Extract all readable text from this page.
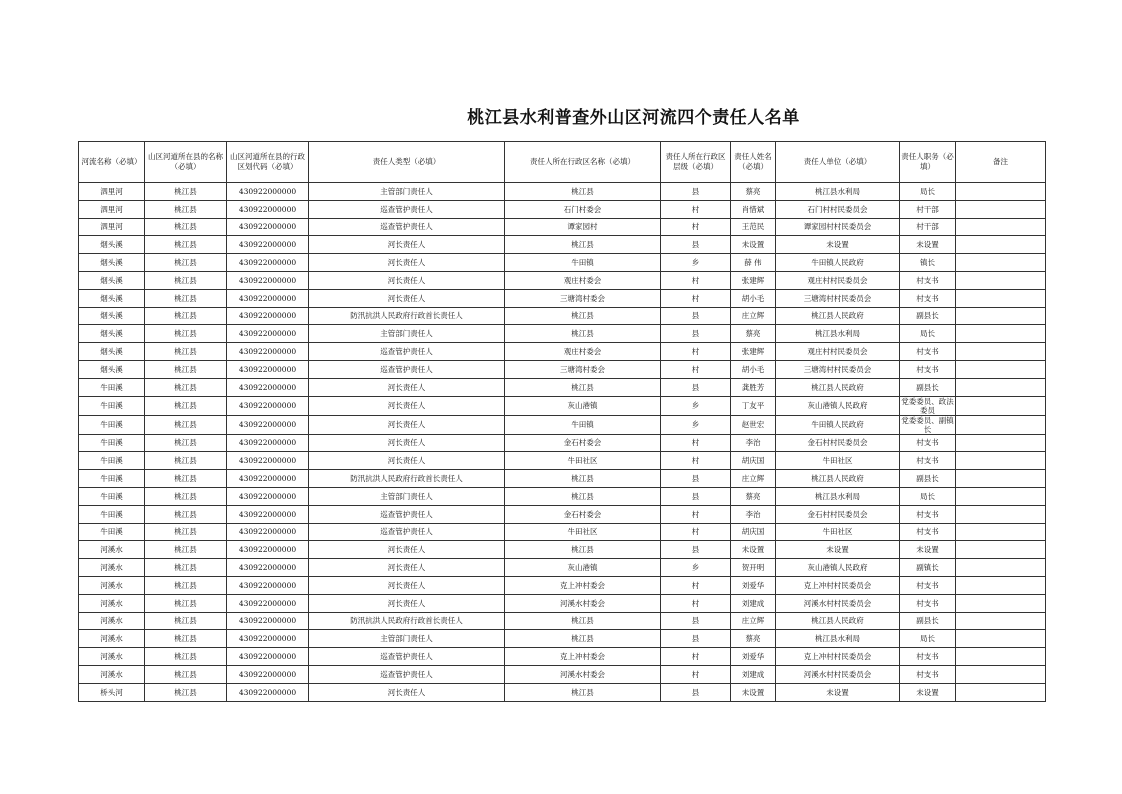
桃江县水利普查外山区河流四个责任人名单
河流名称（必填）	山区河道所在县的名称（必填）	山区河道所在县的行政区划代码（必填）	责任人类型（必填）	责任人所在行政区名称（必填）	责任人所在行政区层级（必填）	责任人姓名（必填）	责任人单位（必填）	责任人职务（必填）	备注
泗里河	桃江县	430922000000	主管部门责任人	桃江县	县	蔡亮	桃江县水利局	局长	
泗里河	桃江县	430922000000	巡查管护责任人	石门村委会	村	肖惜斌	石门村村民委员会	村干部	
泗里河	桃江县	430922000000	巡查管护责任人	谭家园村	村	王范民	谭家园村村民委员会	村干部	
烟头溪	桃江县	430922000000	河长责任人	桃江县	县	未设置	未设置	未设置	
烟头溪	桃江县	430922000000	河长责任人	牛田镇	乡	薛 伟	牛田镇人民政府	镇长	
烟头溪	桃江县	430922000000	河长责任人	观庄村委会	村	张建辉	观庄村村民委员会	村支书	
烟头溪	桃江县	430922000000	河长责任人	三塘湾村委会	村	胡小毛	三塘湾村村民委员会	村支书	
烟头溪	桃江县	430922000000	防汛抗洪人民政府行政首长责任人	桃江县	县	庄立辉	桃江县人民政府	副县长	
烟头溪	桃江县	430922000000	主管部门责任人	桃江县	县	蔡亮	桃江县水利局	局长	
烟头溪	桃江县	430922000000	巡查管护责任人	观庄村委会	村	张建辉	观庄村村民委员会	村支书	
烟头溪	桃江县	430922000000	巡查管护责任人	三塘湾村委会	村	胡小毛	三塘湾村村民委员会	村支书	
牛田溪	桃江县	430922000000	河长责任人	桃江县	县	龚胜芳	桃江县人民政府	副县长	
牛田溪	桃江县	430922000000	河长责任人	灰山港镇	乡	丁友平	灰山港镇人民政府	党委委员、政法委员	
牛田溪	桃江县	430922000000	河长责任人	牛田镇	乡	赵世宏	牛田镇人民政府	党委委员、副镇长	
牛田溪	桃江县	430922000000	河长责任人	金石村委会	村	李治	金石村村民委员会	村支书	
牛田溪	桃江县	430922000000	河长责任人	牛田社区	村	胡庆国	牛田社区	村支书	
牛田溪	桃江县	430922000000	防汛抗洪人民政府行政首长责任人	桃江县	县	庄立辉	桃江县人民政府	副县长	
牛田溪	桃江县	430922000000	主管部门责任人	桃江县	县	蔡亮	桃江县水利局	局长	
牛田溪	桃江县	430922000000	巡查管护责任人	金石村委会	村	李治	金石村村民委员会	村支书	
牛田溪	桃江县	430922000000	巡查管护责任人	牛田社区	村	胡庆国	牛田社区	村支书	
河溪水	桃江县	430922000000	河长责任人	桃江县	县	未设置	未设置	未设置	
河溪水	桃江县	430922000000	河长责任人	灰山港镇	乡	贺开明	灰山港镇人民政府	副镇长	
河溪水	桃江县	430922000000	河长责任人	克上冲村委会	村	刘爱华	克上冲村村民委员会	村支书	
河溪水	桃江县	430922000000	河长责任人	河溪水村委会	村	刘建成	河溪水村村民委员会	村支书	
河溪水	桃江县	430922000000	防汛抗洪人民政府行政首长责任人	桃江县	县	庄立辉	桃江县人民政府	副县长	
河溪水	桃江县	430922000000	主管部门责任人	桃江县	县	蔡亮	桃江县水利局	局长	
河溪水	桃江县	430922000000	巡查管护责任人	克上冲村委会	村	刘爱华	克上冲村村民委员会	村支书	
河溪水	桃江县	430922000000	巡查管护责任人	河溪水村委会	村	刘建成	河溪水村村民委员会	村支书	
桥头河	桃江县	430922000000	河长责任人	桃江县	县	未设置	未设置	未设置	
